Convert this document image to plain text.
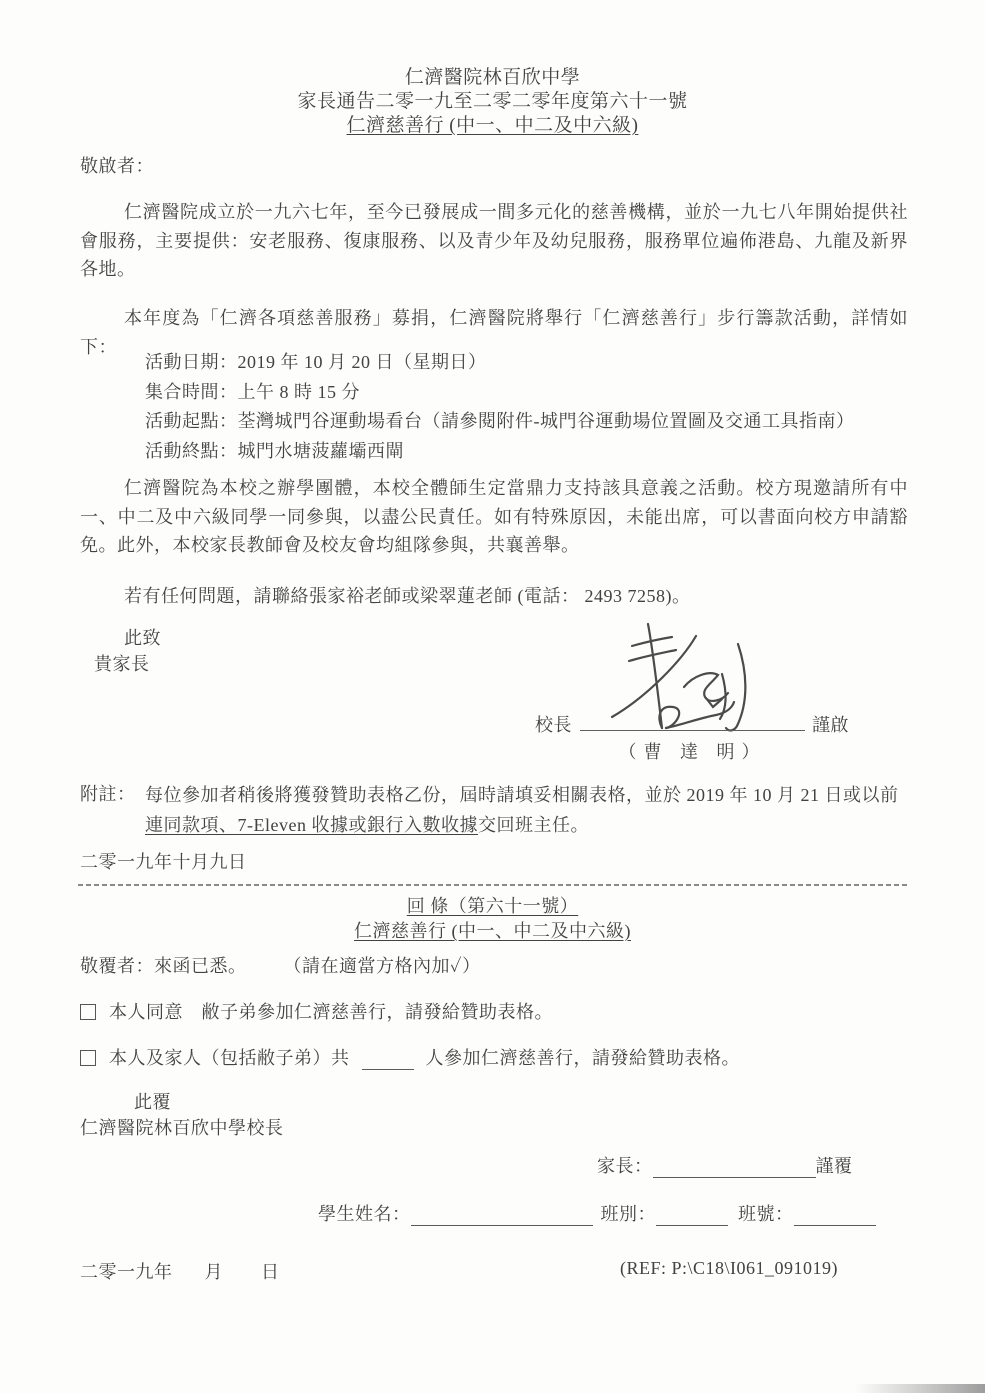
仁濟醫院林百欣中學
家長通告二零一九至二零二零年度第六十一號
仁濟慈善行 (中一、中二及中六級)
敬啟者：
仁濟醫院成立於一九六七年，至今已發展成一間多元化的慈善機構，並於一九七八年開始提供社會服務，主要提供：安老服務、復康服務、以及青少年及幼兒服務，服務單位遍佈港島、九龍及新界各地。
本年度為「仁濟各項慈善服務」募捐，仁濟醫院將舉行「仁濟慈善行」步行籌款活動，詳情如下：
活動日期：2019 年 10 月 20 日（星期日）
集合時間：上午 8 時 15 分
活動起點：荃灣城門谷運動場看台（請參閱附件-城門谷運動場位置圖及交通工具指南）
活動終點：城門水塘菠蘿壩西閘
仁濟醫院為本校之辦學團體，本校全體師生定當鼎力支持該具意義之活動。校方現邀請所有中一、中二及中六級同學一同參與，以盡公民責任。如有特殊原因，未能出席，可以書面向校方申請豁免。此外，本校家長教師會及校友會均組隊參與，共襄善舉。
若有任何問題，請聯絡張家裕老師或梁翠蓮老師 (電話： 2493 7258)。
此致
貴家長
校長	謹啟
（曹 達 明）
附註： 每位參加者稍後將獲發贊助表格乙份，屆時請填妥相關表格，並於 2019 年 10 月 21 日或以前
連同款項、7-Eleven 收據或銀行入數收據交回班主任。
二零一九年十月九日
回 條（第六十一號）
仁濟慈善行 (中一、中二及中六級)
敬覆者：來函已悉。	（請在適當方格內加✓）
本人同意　敝子弟參加仁濟慈善行，請發給贊助表格。
本人及家人（包括敝子弟）共	人參加仁濟慈善行，請發給贊助表格。
此覆
仁濟醫院林百欣中學校長
家長：	謹覆
學生姓名：	班別：	班號：
二零一九年 月 日	(REF: P:\C18\I061_091019)
